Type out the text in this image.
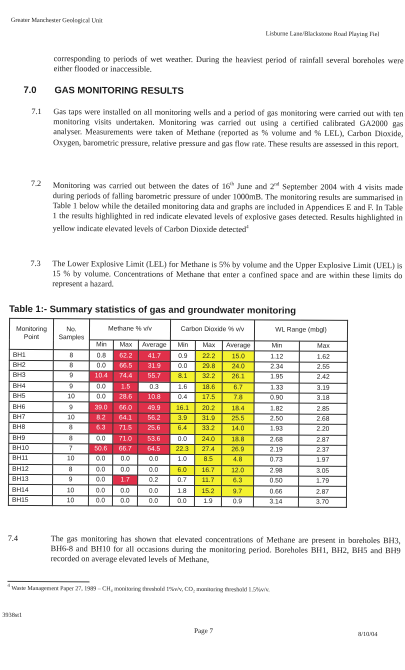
Greater Manchester Geological Unit
Lisburne Lane/Blackstone Road Playing Fiel
corresponding to periods of wet weather. During the heaviest period of rainfall several boreholes were either flooded or inaccessible.
7.0 GAS MONITORING RESULTS
7.1 Gas taps were installed on all monitoring wells and a period of gas monitoring were carried out with ten monitoring visits undertaken. Monitoring was carried out using a certified calibrated GA2000 gas analyser. Measurements were taken of Methane (reported as % volume and % LEL), Carbon Dioxide, Oxygen, barometric pressure, relative pressure and gas flow rate. These results are assessed in this report.
7.2 Monitoring was carried out between the dates of 16th June and 2nd September 2004 with 4 visits made during periods of falling barometric pressure of under 1000mB. The monitoring results are summarised in Table 1 below while the detailed monitoring data and graphs are included in Appendices E and F. In Table 1 the results highlighted in red indicate elevated levels of explosive gases detected. Results highlighted in yellow indicate elevated levels of Carbon Dioxide detected$^4$
7.3 The Lower Explosive Limit (LEL) for Methane is 5% by volume and the Upper Explosive Limit (UEL) is 15 % by volume. Concentrations of Methane that enter a confined space and are within these limits do represent a hazard.
Table 1:- Summary statistics of gas and groundwater monitoring
Monitoring Point	No. Samples	Methane % v/v			Carbon Dioxide % v/v			WL Range (mbgl)	
		Min	Max	Average	Min	Max	Average	Min	Max
BH1	8	0.8	62.2	41.7	0.9	22.2	15.0	1.12	1.62
BH2	8	0.0	66.5	31.9	0.0	29.8	24.0	2.34	2.55
BH3	9	10.4	74.4	55.7	8.1	32.2	26.1	1.95	2.42
BH4	9	0.0	1.5	0.3	1.6	18.6	6.7	1.33	3.19
BH5	10	0.0	28.6	10.8	0.4	17.5	7.8	0.90	3.18
BH6	9	39.0	66.0	49.9	16.1	20.2	18.4	1.82	2.85
BH7	10	8.2	64.1	56.2	3.9	31.9	25.5	2.50	2.68
BH8	8	6.3	71.5	25.6	6.4	33.2	14.0	1.93	2.20
BH9	8	0.0	71.0	53.6	0.0	24.0	18.8	2.68	2.87
BH10	7	50.6	66.7	64.5	22.3	27.4	26.9	2.19	2.37
BH11	10	0.0	0.0	0.0	1.0	8.5	4.8	0.73	1.97
BH12	8	0.0	0.0	0.0	6.0	16.7	12.0	2.98	3.05
BH13	9	0.0	1.7	0.2	0.7	11.7	6.3	0.50	1.79
BH14	10	0.0	0.0	0.0	1.8	15.2	9.7	0.66	2.87
BH15	10	0.0	0.0	0.0	0.0	1.9	0.9	3.14	3.70
7.4	The gas monitoring has shown that elevated concentrations of Methane are present in boreholes BH3, BH6-8 and BH10 for all occasions during the monitoring period. Boreholes BH1, BH2, BH5 and BH9 recorded on average elevated levels of Methane,
$^4$ Waste Management Paper 27, 1989 – CH₄ monitoring threshold 1%v/v, CO₂ monitoring threshold 1.5%v/v.
3938st1
Page 7	8/10/04
